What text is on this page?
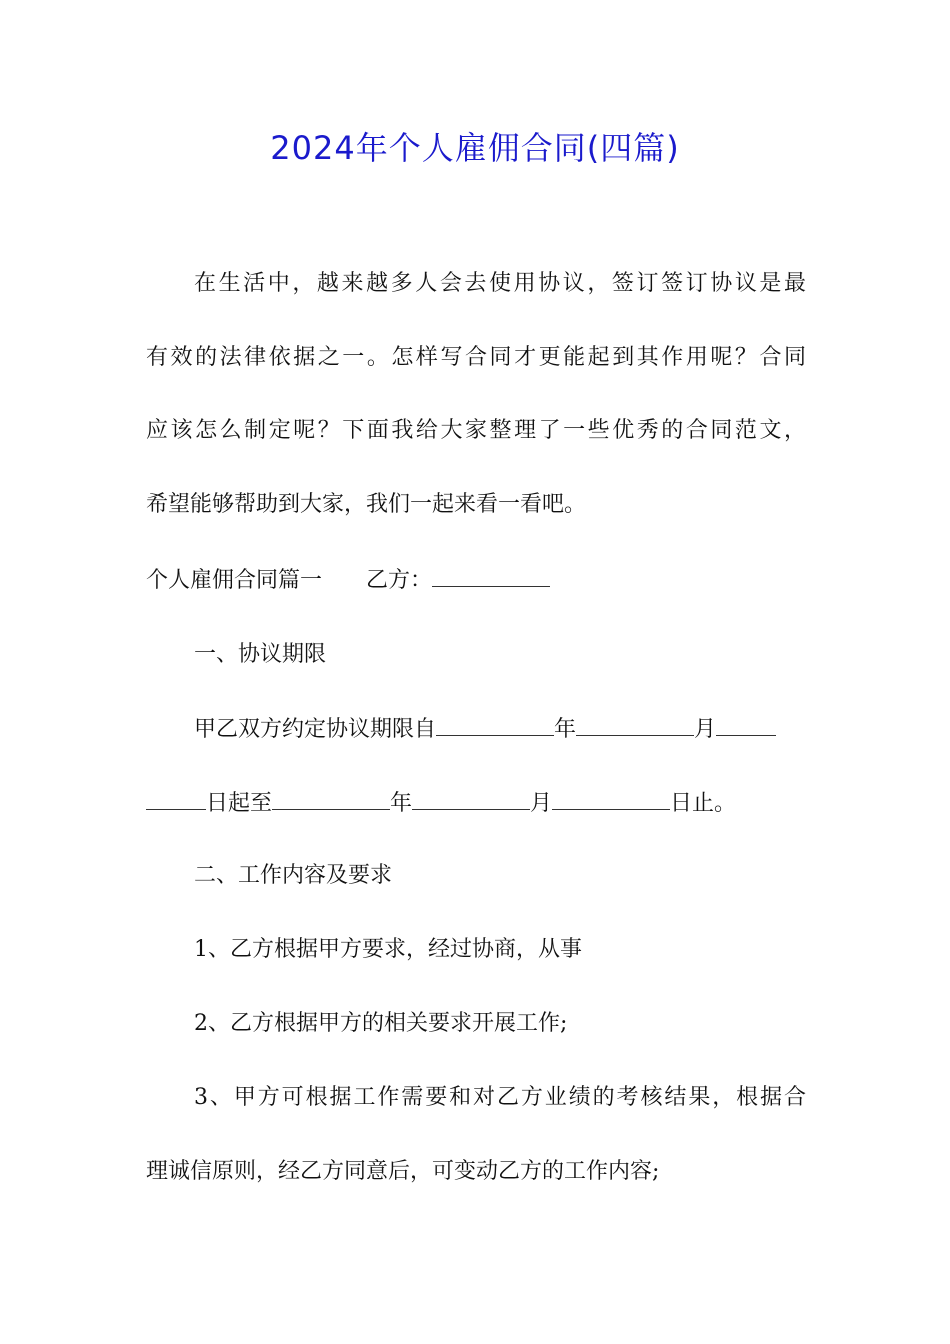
2024年个人雇佣合同(四篇)

在生活中，越来越多人会去使用协议，签订签订协议是最

有效的法律依据之一。怎样写合同才更能起到其作用呢？合同

应该怎么制定呢？下面我给大家整理了一些优秀的合同范文，

希望能够帮助到大家，我们一起来看一看吧。

个人雇佣合同篇一 乙方：

一、协议期限

甲乙双方约定协议期限自	年	月

日起至	年	月	日止。

二、工作内容及要求

1、乙方根据甲方要求，经过协商，从事

2、乙方根据甲方的相关要求开展工作;

3、甲方可根据工作需要和对乙方业绩的考核结果，根据合

理诚信原则，经乙方同意后，可变动乙方的工作内容;
